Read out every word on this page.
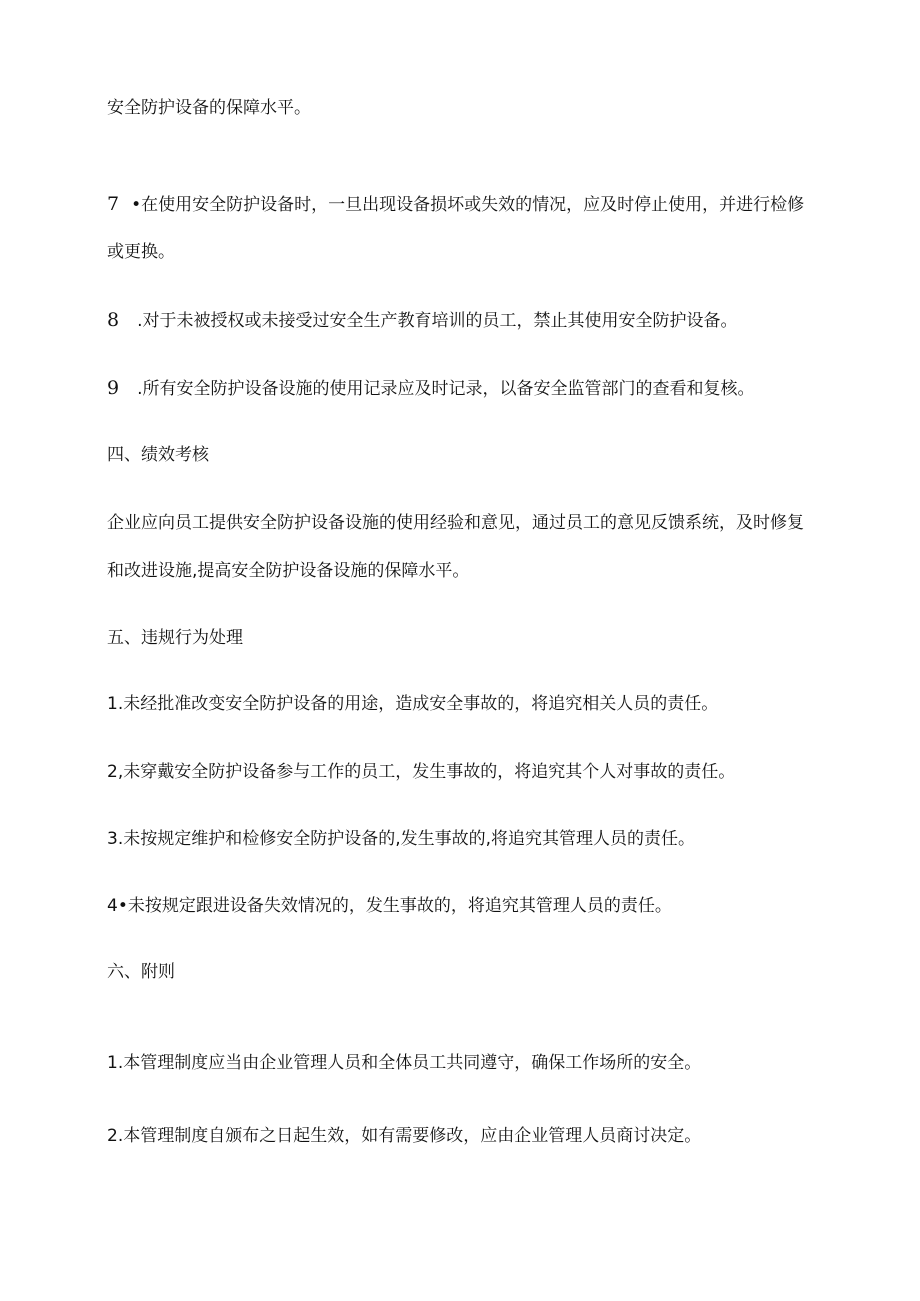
安全防护设备的保障水平。
7 •在使用安全防护设备时，一旦出现设备损坏或失效的情况，应及时停止使用，并进行检修
或更换。
8 .对于未被授权或未接受过安全生产教育培训的员工，禁止其使用安全防护设备。
9 .所有安全防护设备设施的使用记录应及时记录，以备安全监管部门的查看和复核。
四、绩效考核
企业应向员工提供安全防护设备设施的使用经验和意见，通过员工的意见反馈系统，及时修复
和改进设施,提高安全防护设备设施的保障水平。
五、违规行为处理
1.未经批准改变安全防护设备的用途，造成安全事故的，将追究相关人员的责任。
2,未穿戴安全防护设备参与工作的员工，发生事故的，将追究其个人对事故的责任。
3.未按规定维护和检修安全防护设备的,发生事故的,将追究其管理人员的责任。
4•未按规定跟进设备失效情况的，发生事故的，将追究其管理人员的责任。
六、附则
1.本管理制度应当由企业管理人员和全体员工共同遵守，确保工作场所的安全。
2.本管理制度自颁布之日起生效，如有需要修改，应由企业管理人员商讨决定。
